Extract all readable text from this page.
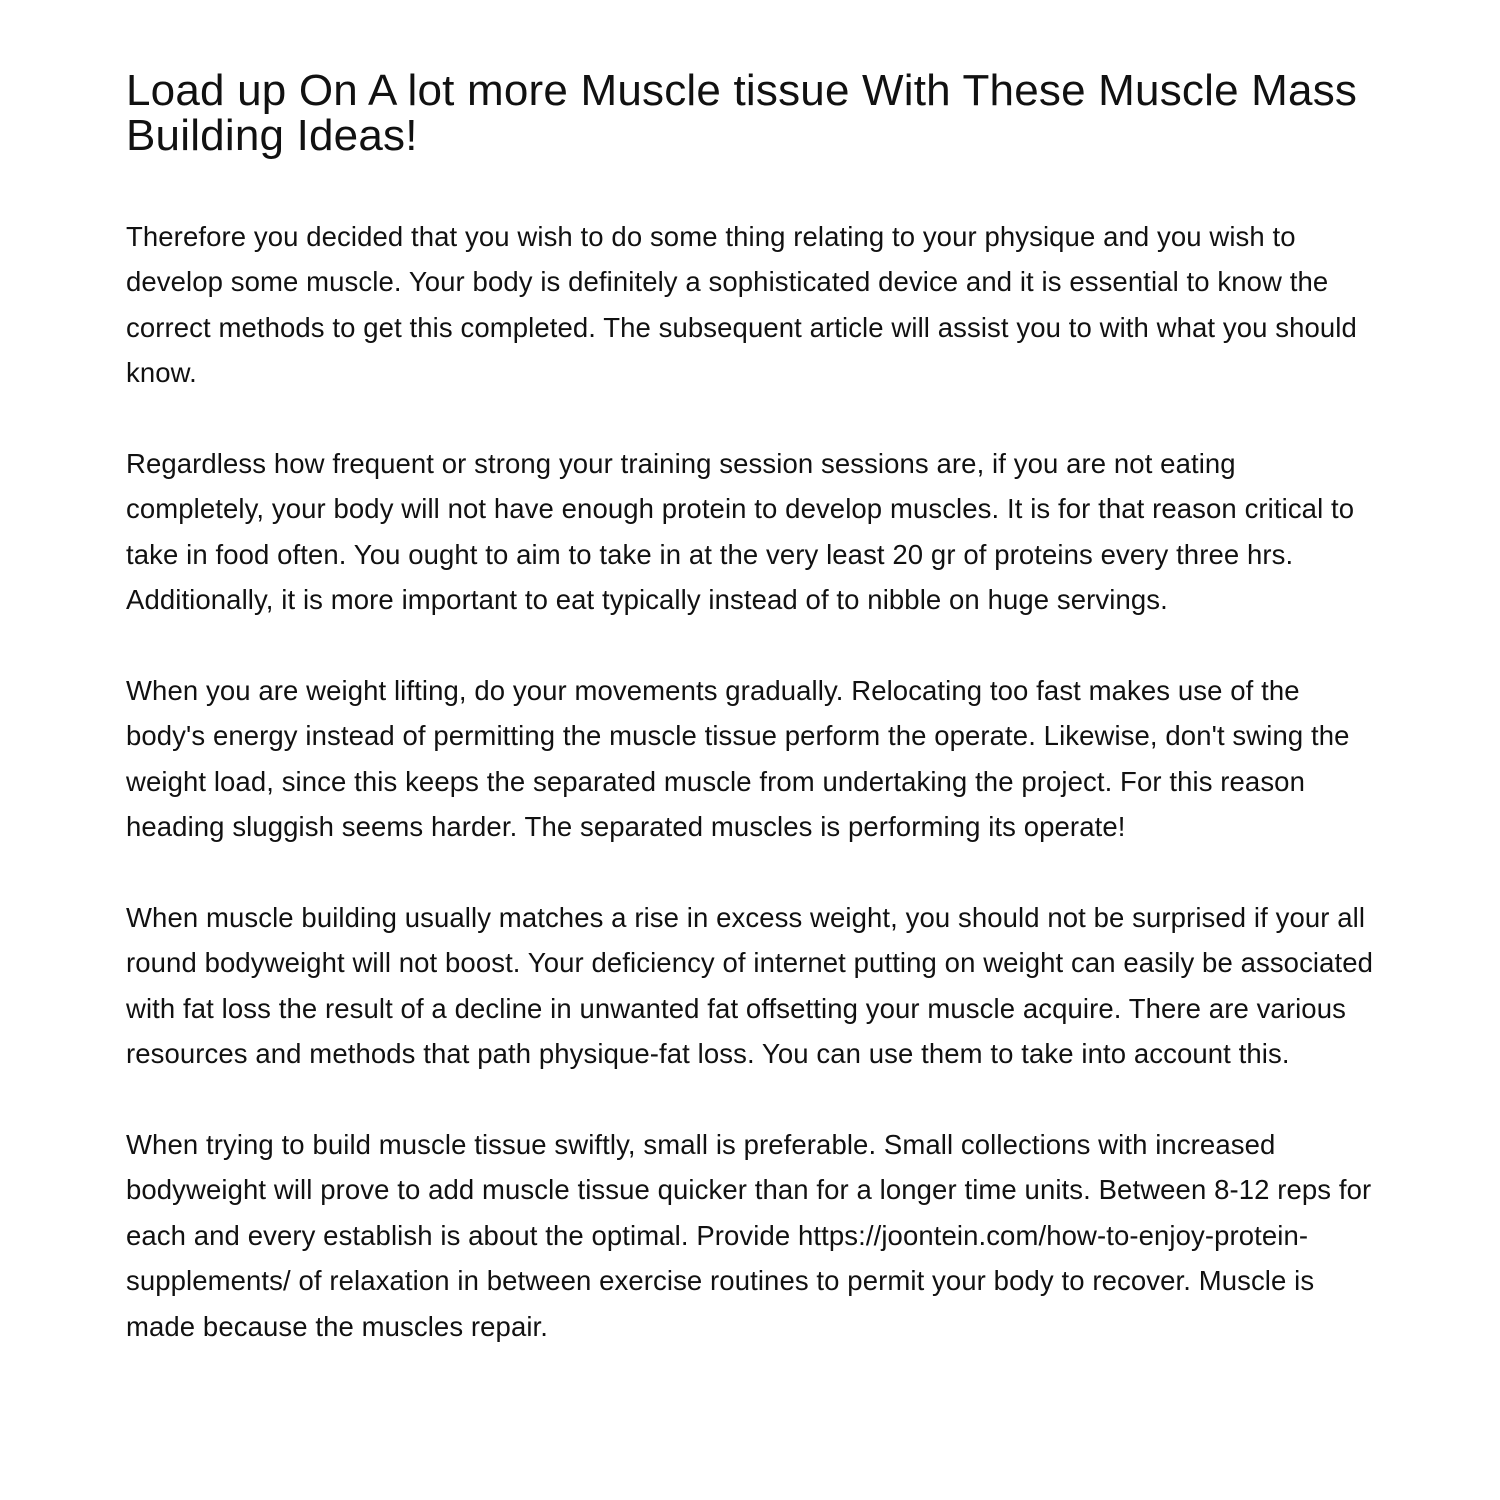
Load up On A lot more Muscle tissue With These Muscle Mass Building Ideas!

Therefore you decided that you wish to do some thing relating to your physique and you wish to develop some muscle. Your body is definitely a sophisticated device and it is essential to know the correct methods to get this completed. The subsequent article will assist you to with what you should know.

Regardless how frequent or strong your training session sessions are, if you are not eating completely, your body will not have enough protein to develop muscles. It is for that reason critical to take in food often. You ought to aim to take in at the very least 20 gr of proteins every three hrs. Additionally, it is more important to eat typically instead of to nibble on huge servings.

When you are weight lifting, do your movements gradually. Relocating too fast makes use of the body's energy instead of permitting the muscle tissue perform the operate. Likewise, don't swing the weight load, since this keeps the separated muscle from undertaking the project. For this reason heading sluggish seems harder. The separated muscles is performing its operate!

When muscle building usually matches a rise in excess weight, you should not be surprised if your all round bodyweight will not boost. Your deficiency of internet putting on weight can easily be associated with fat loss the result of a decline in unwanted fat offsetting your muscle acquire. There are various resources and methods that path physique-fat loss. You can use them to take into account this.

When trying to build muscle tissue swiftly, small is preferable. Small collections with increased bodyweight will prove to add muscle tissue quicker than for a longer time units. Between 8-12 reps for each and every establish is about the optimal. Provide https://joontein.com/how-to-enjoy-protein-supplements/ of relaxation in between exercise routines to permit your body to recover. Muscle is made because the muscles repair.
